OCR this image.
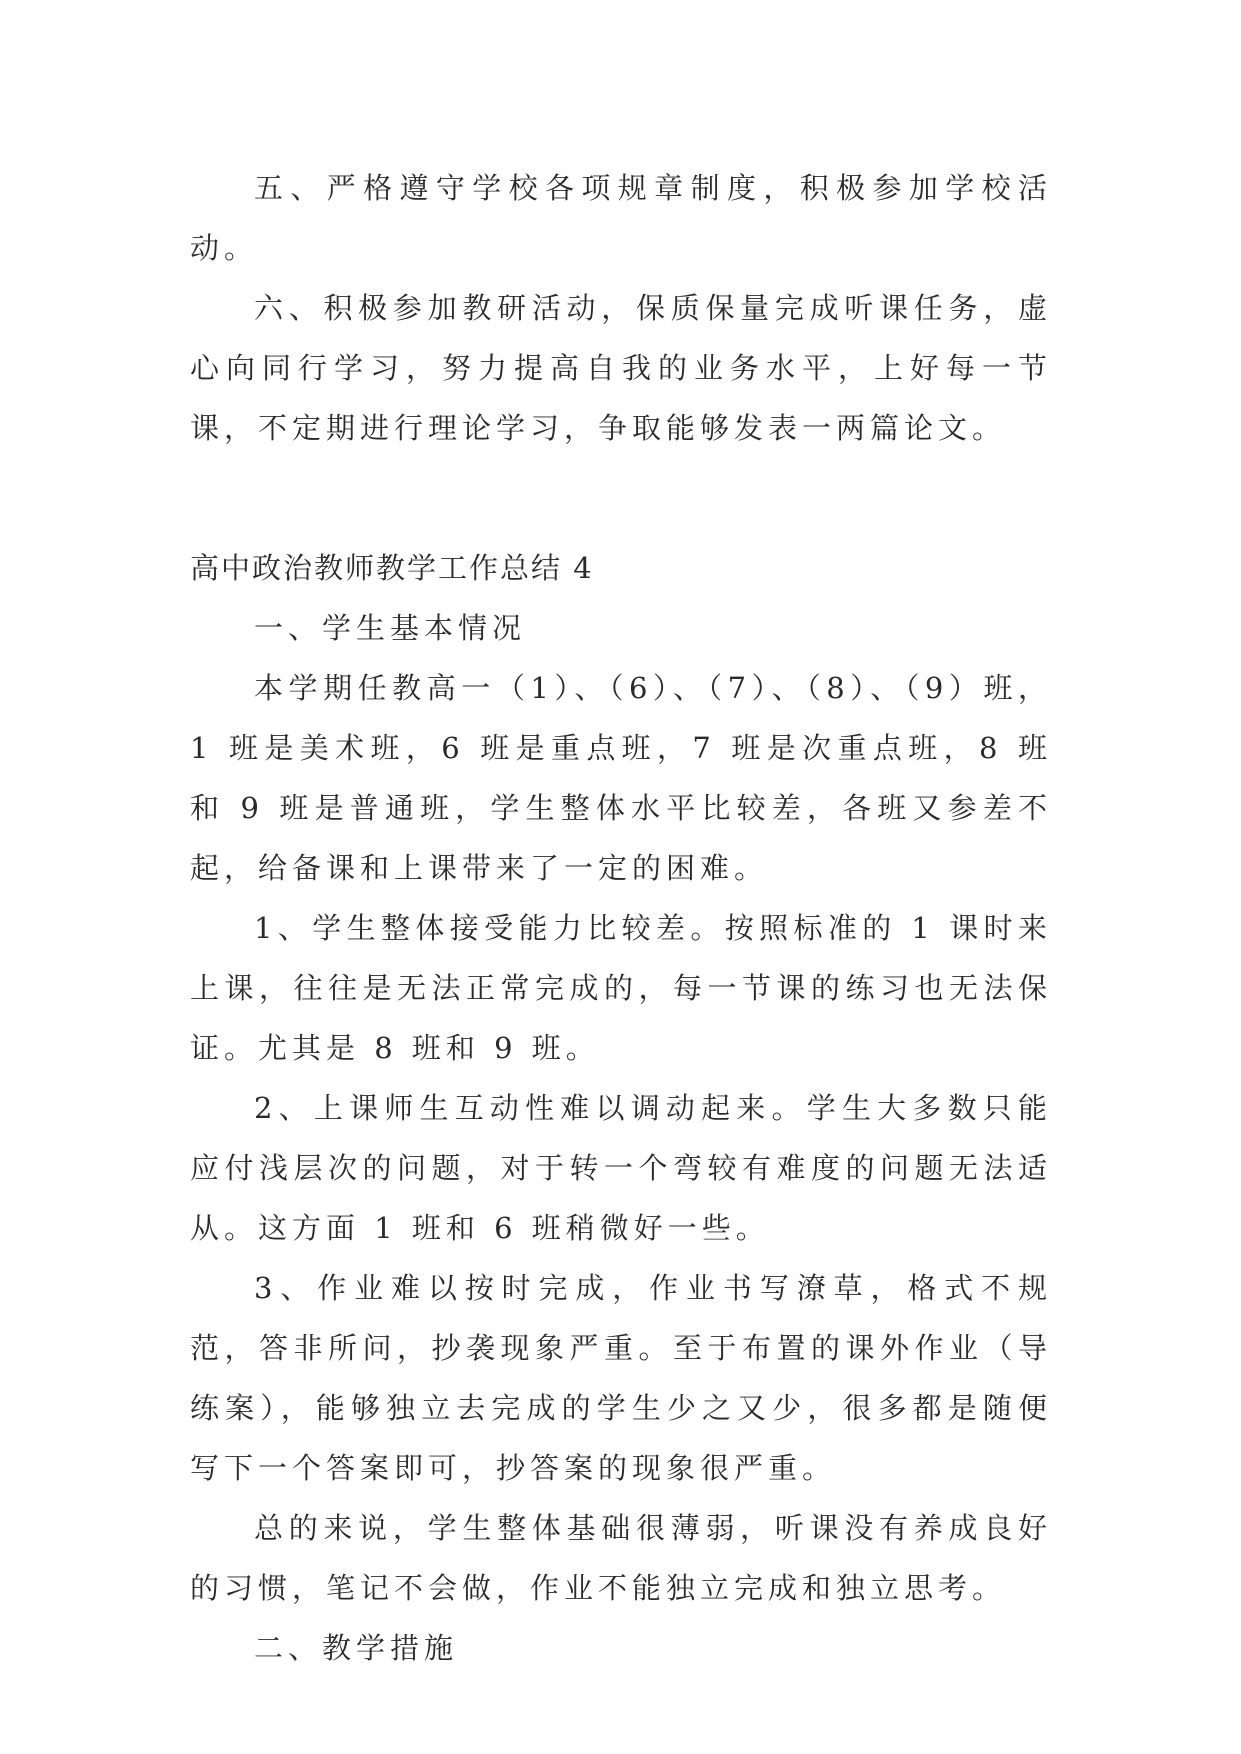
五、严格遵守学校各项规章制度，积极参加学校活动。

六、积极参加教研活动，保质保量完成听课任务，虚心向同行学习，努力提高自我的业务水平，上好每一节课，不定期进行理论学习，争取能够发表一两篇论文。

高中政治教师教学工作总结 4

一、学生基本情况

本学期任教高一（1）、（6）、（7）、（8）、（9）班，1 班是美术班，6 班是重点班，7 班是次重点班，8 班和 9 班是普通班，学生整体水平比较差，各班又参差不起，给备课和上课带来了一定的困难。

1、学生整体接受能力比较差。按照标准的 1 课时来上课，往往是无法正常完成的，每一节课的练习也无法保证。尤其是 8 班和 9 班。

2、上课师生互动性难以调动起来。学生大多数只能应付浅层次的问题，对于转一个弯较有难度的问题无法适从。这方面 1 班和 6 班稍微好一些。

3、作业难以按时完成，作业书写潦草，格式不规范，答非所问，抄袭现象严重。至于布置的课外作业（导练案），能够独立去完成的学生少之又少，很多都是随便写下一个答案即可，抄答案的现象很严重。

总的来说，学生整体基础很薄弱，听课没有养成良好的习惯，笔记不会做，作业不能独立完成和独立思考。

二、教学措施
